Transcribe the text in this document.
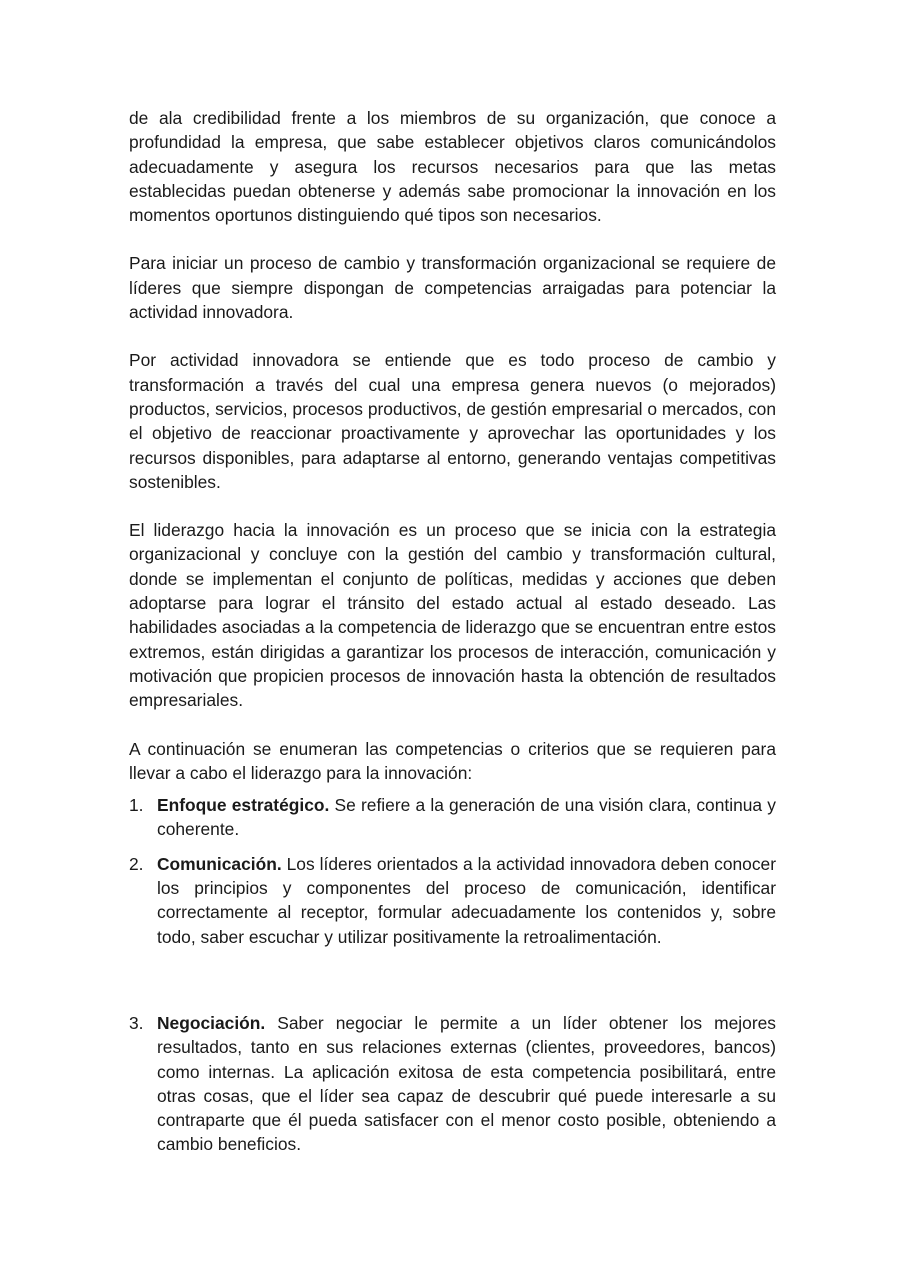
de ala credibilidad frente a los miembros de su organización, que conoce a profundidad la empresa, que sabe establecer objetivos claros comunicándolos adecuadamente y asegura los recursos necesarios para que las metas establecidas puedan obtenerse y además sabe promocionar la innovación en los momentos oportunos distinguiendo qué tipos son necesarios.

Para iniciar un proceso de cambio y transformación organizacional se requiere de líderes que siempre dispongan de competencias arraigadas para potenciar la actividad innovadora.

Por actividad innovadora se entiende que es todo proceso de cambio y transformación a través del cual una empresa genera nuevos (o mejorados) productos, servicios, procesos productivos, de gestión empresarial o mercados, con el objetivo de reaccionar proactivamente y aprovechar las oportunidades y los recursos disponibles, para adaptarse al entorno, generando ventajas competitivas sostenibles.

El liderazgo hacia la innovación es un proceso que se inicia con la estrategia organizacional y concluye con la gestión del cambio y transformación cultural, donde se implementan el conjunto de políticas, medidas y acciones que deben adoptarse para lograr el tránsito del estado actual al estado deseado. Las habilidades asociadas a la competencia de liderazgo que se encuentran entre estos extremos, están dirigidas a garantizar los procesos de interacción, comunicación y motivación que propicien procesos de innovación hasta la obtención de resultados empresariales.

A continuación se enumeran las competencias o criterios que se requieren para llevar a cabo el liderazgo para la innovación:

1. Enfoque estratégico. Se refiere a la generación de una visión clara, continua y coherente.
2. Comunicación. Los líderes orientados a la actividad innovadora deben conocer los principios y componentes del proceso de comunicación, identificar correctamente al receptor, formular adecuadamente los contenidos y, sobre todo, saber escuchar y utilizar positivamente la retroalimentación.
3. Negociación. Saber negociar le permite a un líder obtener los mejores resultados, tanto en sus relaciones externas (clientes, proveedores, bancos) como internas. La aplicación exitosa de esta competencia posibilitará, entre otras cosas, que el líder sea capaz de descubrir qué puede interesarle a su contraparte que él pueda satisfacer con el menor costo posible, obteniendo a cambio beneficios.
